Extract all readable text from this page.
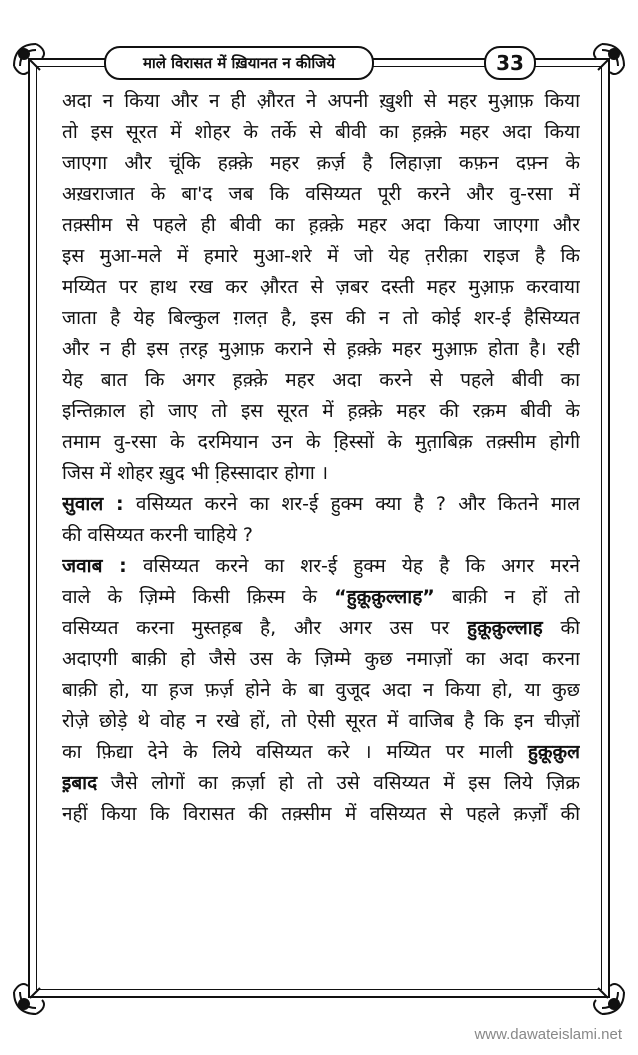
माले विरासत में ख़ियानत न कीजिये	33
अदा न किया और न ही औ़रत ने अपनी ख़ुशी से महर मुआ़फ़ किया
तो इस सूरत में शोहर के तर्के से बीवी का ह़क़्क़े महर अदा किया
जाएगा और चूंकि हक़्क़े महर क़र्ज़ है लिहाज़ा कफ़न दफ़्न के
अख़राजात के बा'द जब कि वसिय्यत पूरी करने और वु-रसा में
तक़्सीम से पहले ही बीवी का ह़क़्क़े महर अदा किया जाएगा और
इस मुआ-मले में हमारे मुआ-शरे में जो येह त़रीक़ा राइज है कि
मय्यित पर हाथ रख कर औ़रत से ज़बर दस्ती महर मुआ़फ़ करवाया
जाता है येह बिल्कुल ग़लत़ है, इस की न तो कोई शर-ई हैसिय्यत
और न ही इस त़रह़ मुआ़फ़ कराने से ह़क़्क़े महर मुआ़फ़ होता है। रही
येह बात कि अगर ह़क़्क़े महर अदा करने से पहले बीवी का
इन्तिक़ाल हो जाए तो इस सूरत में ह़क़्क़े महर की रक़म बीवी के
तमाम वु-रसा के दरमियान उन के हि़स्सों के मुत़ाबिक़ तक़्सीम होगी
जिस में शोहर ख़ुद भी हि़स्सादार होगा ।
सुवाल : वसिय्यत करने का शर-ई हुक्म क्या है ? और कितने माल
की वसिय्यत करनी चाहिये ?
जवाब : वसिय्यत करने का शर-ई हुक्म येह है कि अगर मरने
वाले के ज़िम्मे किसी क़िस्म के “हुक़ूक़ुल्लाह” बाक़ी न हों तो
वसिय्यत करना मुस्तह़ब है, और अगर उस पर हुक़ूक़ुल्लाह की
अदाएगी बाक़ी हो जैसे उस के ज़िम्मे कुछ नमाज़ों का अदा करना
बाक़ी हो, या ह़ज फ़र्ज़ होने के बा वुजूद अदा न किया हो, या कुछ
रोज़े छोड़े थे वोह न रखे हों, तो ऐसी सूरत में वाजिब है कि इन चीज़ों
का फ़िद्या देने के लिये वसिय्यत करे । मय्यित पर माली हुक़ूक़ुल
इ़बाद जैसे लोगों का क़र्ज़ा हो तो उसे वसिय्यत में इस लिये ज़िक्र
नहीं किया कि विरासत की तक़्सीम में वसिय्यत से पहले क़र्ज़ों की
www.dawateislami.net
